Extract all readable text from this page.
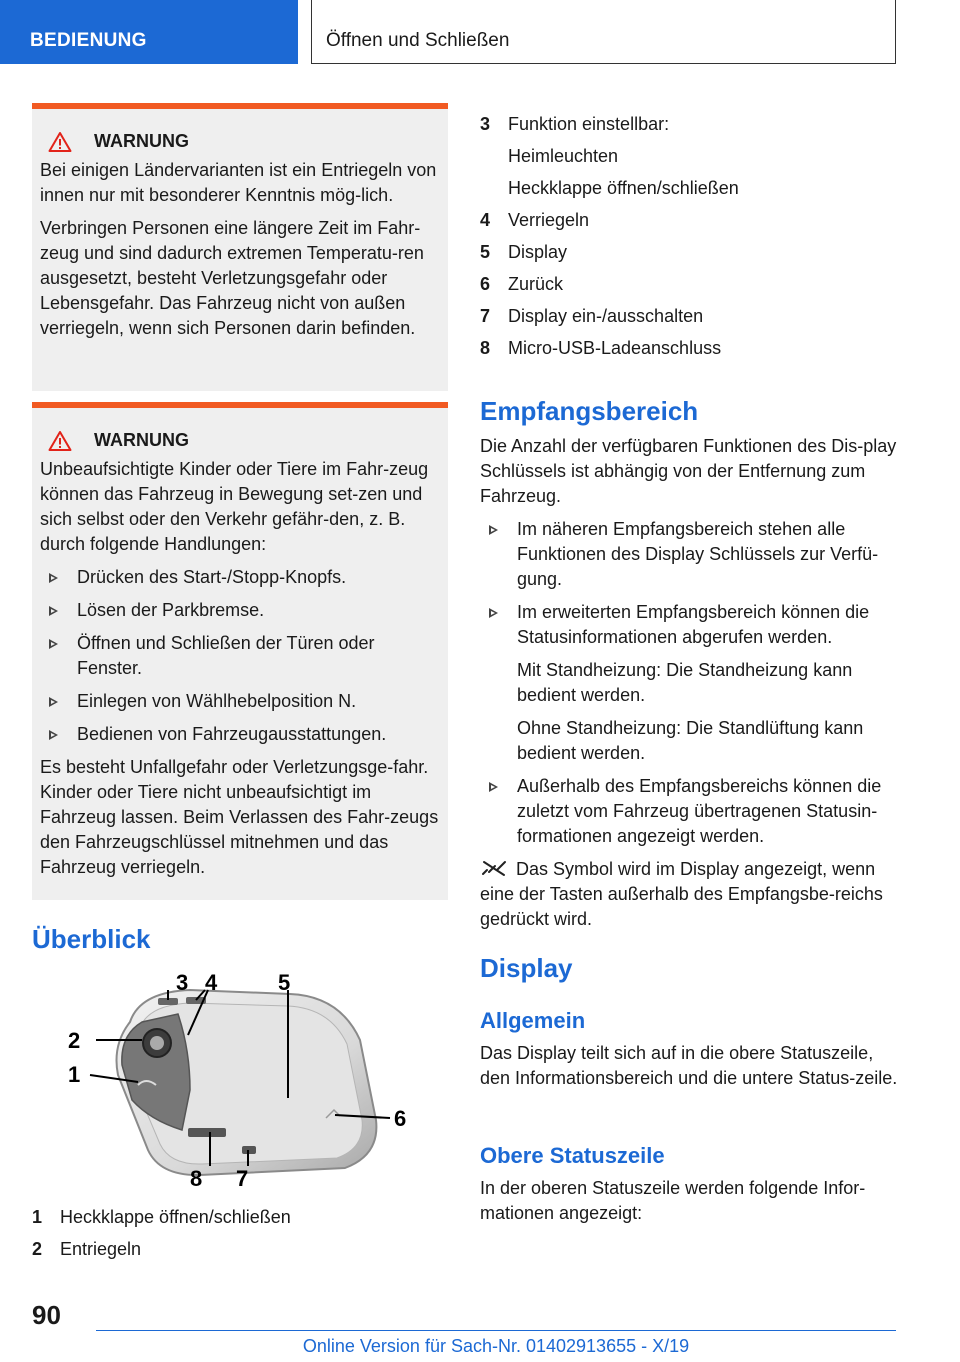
BEDIENUNG	Öffnen und Schließen
WARNUNG

Bei einigen Ländervarianten ist ein Entriegeln von innen nur mit besonderer Kenntnis mög-lich.

Verbringen Personen eine längere Zeit im Fahr-zeug und sind dadurch extremen Temperatu-ren ausgesetzt, besteht Verletzungsgefahr oder Lebensgefahr. Das Fahrzeug nicht von außen verriegeln, wenn sich Personen darin befinden.

WARNUNG

Unbeaufsichtigte Kinder oder Tiere im Fahr-zeug können das Fahrzeug in Bewegung set-zen und sich selbst oder den Verkehr gefähr-den, z. B. durch folgende Handlungen:

Drücken des Start-/Stopp-Knopfs.
Lösen der Parkbremse.
Öffnen und Schließen der Türen oder Fenster.
Einlegen von Wählhebelposition N.
Bedienen von Fahrzeugausstattungen.

Es besteht Unfallgefahr oder Verletzungsge-fahr. Kinder oder Tiere nicht unbeaufsichtigt im Fahrzeug lassen. Beim Verlassen des Fahr-zeugs den Fahrzeugschlüssel mitnehmen und das Fahrzeug verriegeln.

Überblick
3 4	5
2
1
6
8 7
1 Heckklappe öffnen/schließen
2 Entriegeln
3 Funktion einstellbar:
Heimleuchten
Heckklappe öffnen/schließen
4 Verriegeln
5 Display
6 Zurück
7 Display ein-/ausschalten
8 Micro-USB-Ladeanschluss
Empfangsbereich

Die Anzahl der verfügbaren Funktionen des Dis-play Schlüssels ist abhängig von der Entfernung zum Fahrzeug.

Im näheren Empfangsbereich stehen alle Funktionen des Display Schlüssels zur Verfü-gung.

Im erweiterten Empfangsbereich können die Statusinformationen abgerufen werden.

Mit Standheizung: Die Standheizung kann bedient werden.

Ohne Standheizung: Die Standlüftung kann bedient werden.

Außerhalb des Empfangsbereichs können die zuletzt vom Fahrzeug übertragenen Statusin-formationen angezeigt werden.

Das Symbol wird im Display angezeigt, wenn eine der Tasten außerhalb des Empfangsbe-reichs gedrückt wird.

Display
Allgemein

Das Display teilt sich auf in die obere Statuszeile, den Informationsbereich und die untere Status-zeile.

Obere Statuszeile

In der oberen Statuszeile werden folgende Infor-mationen angezeigt:

90
Online Version für Sach-Nr. 01402913655 - X/19
